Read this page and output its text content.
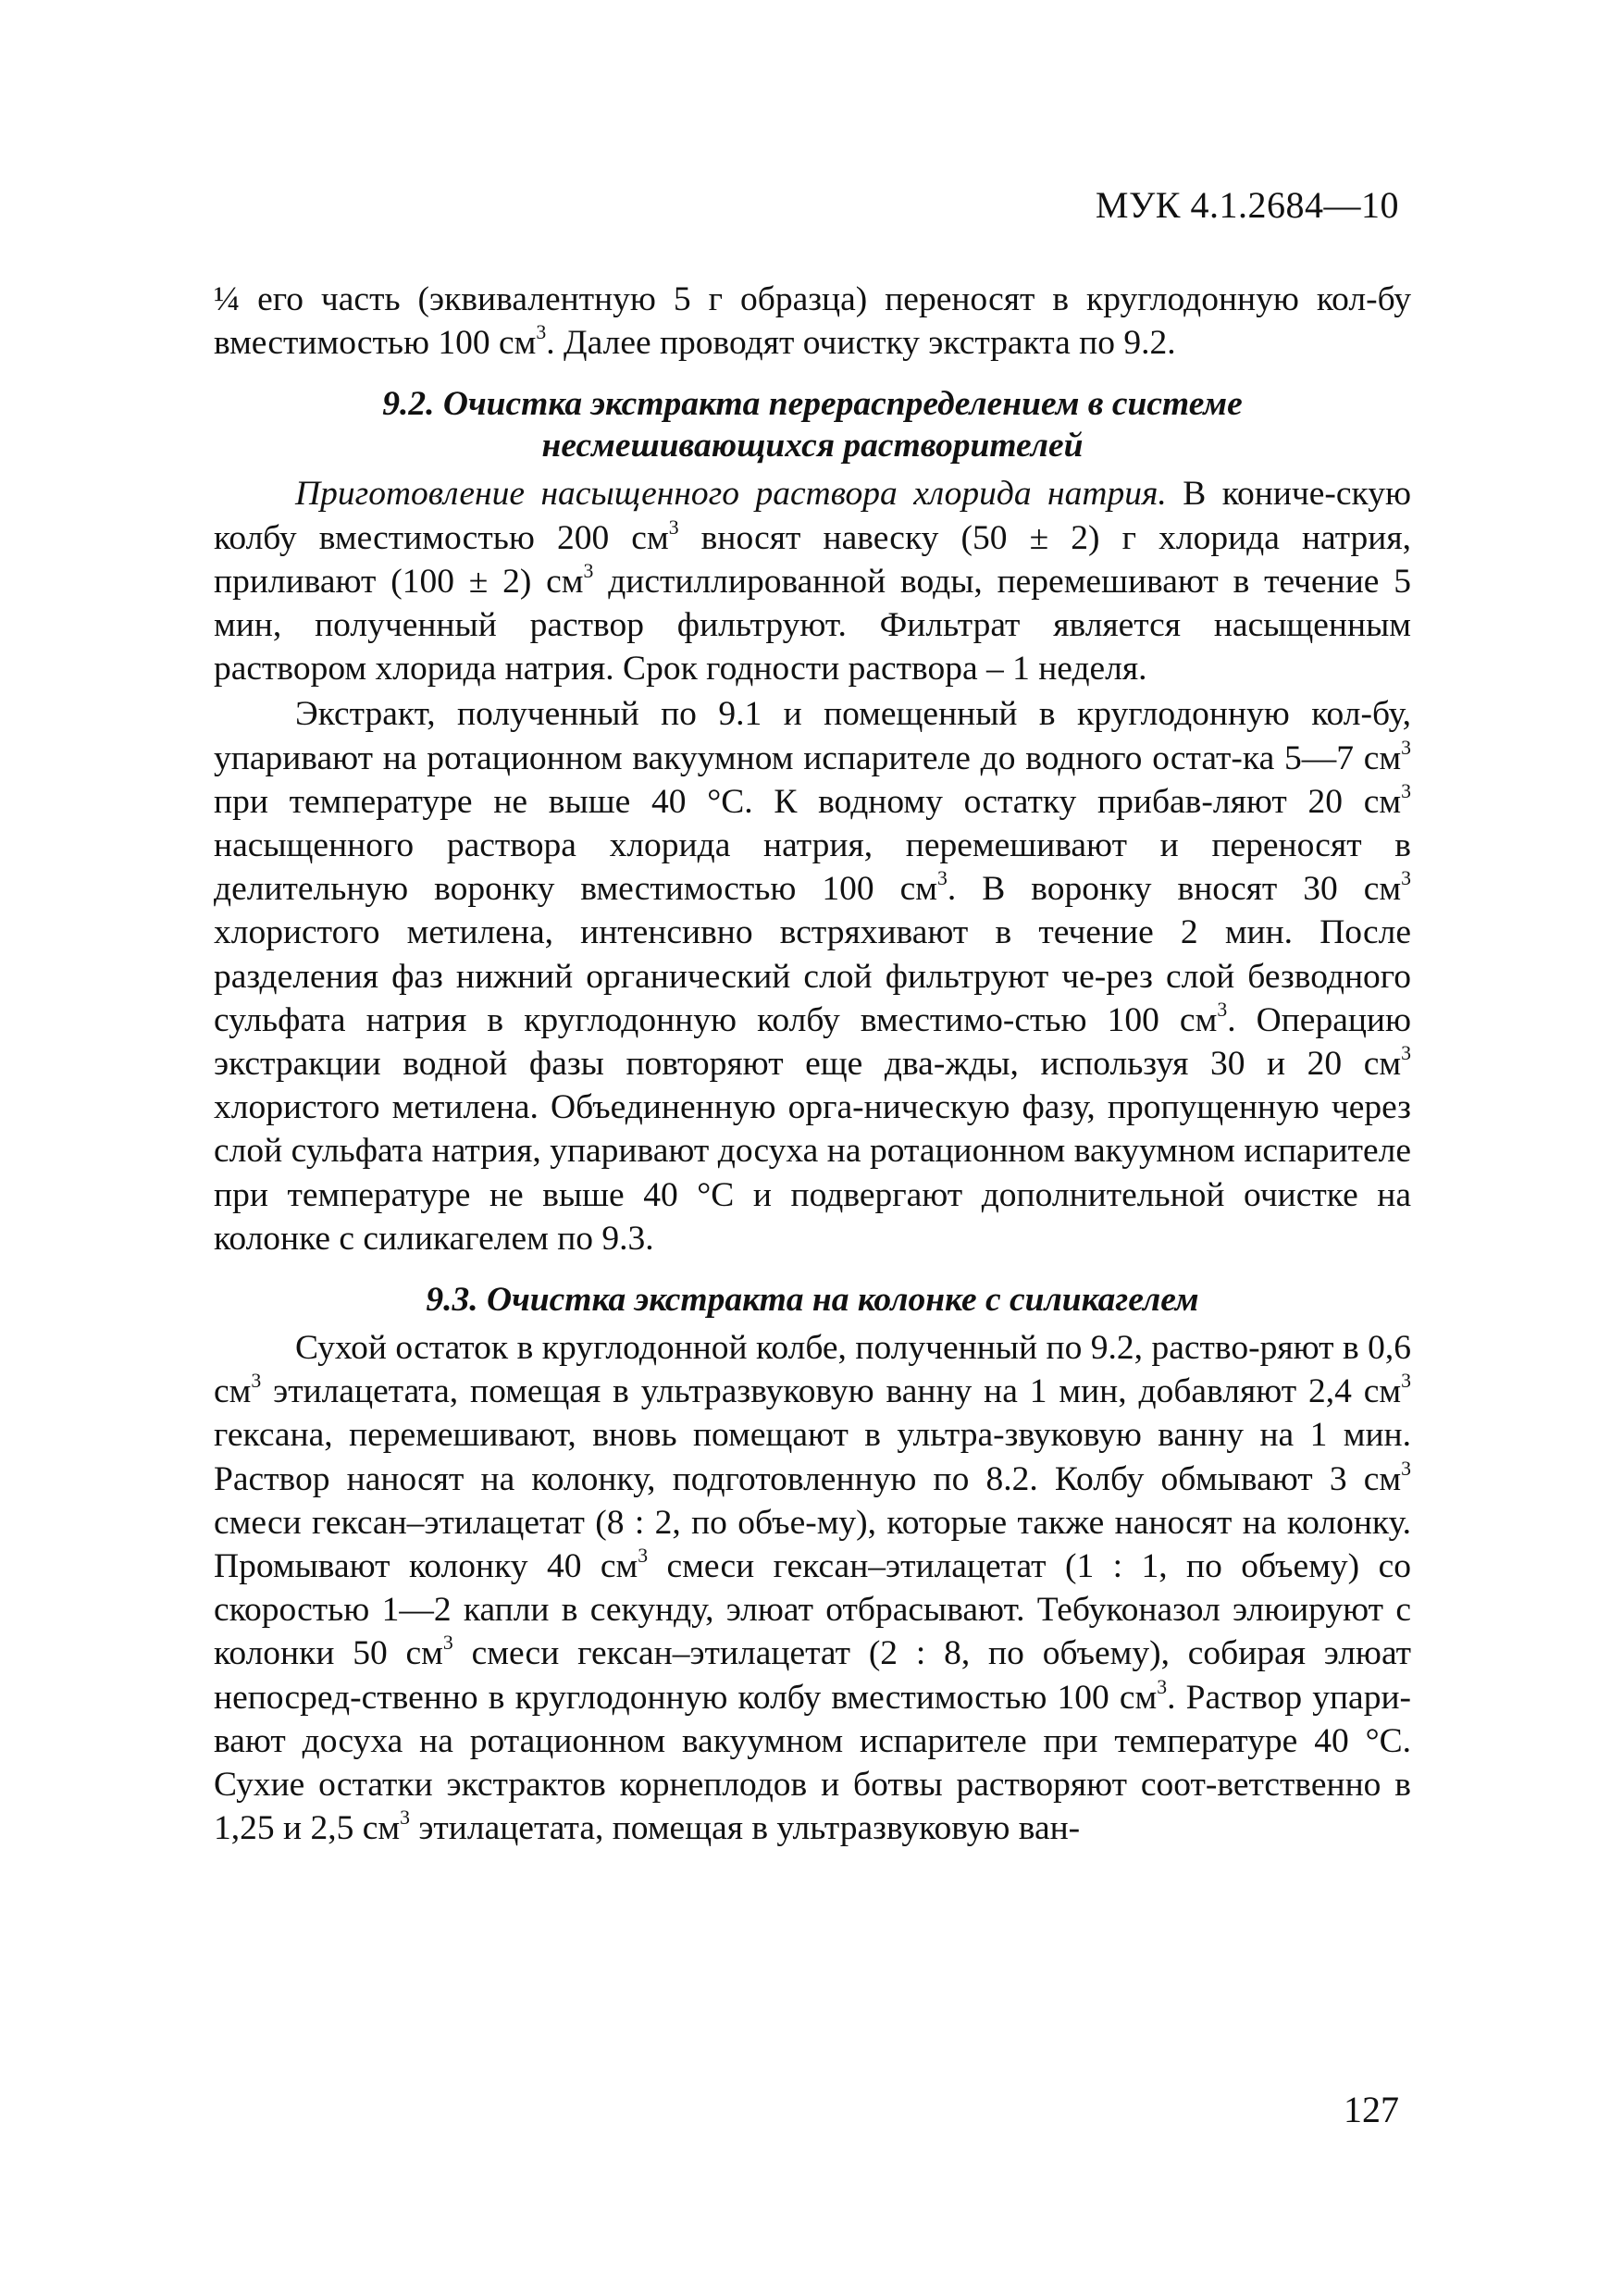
МУК 4.1.2684—10

¼ его часть (эквивалентную 5 г образца) переносят в круглодонную кол-бу вместимостью 100 $см^3$. Далее проводят очистку экстракта по 9.2.

9.2. Очистка экстракта перераспределением в системе
несмешивающихся растворителей

Приготовление насыщенного раствора хлорида натрия. В кониче-скую колбу вместимостью 200 $см^3$ вносят навеску (50 ± 2) г хлорида натрия, приливают (100 ± 2) $см^3$ дистиллированной воды, перемешивают в течение 5 мин, полученный раствор фильтруют. Фильтрат является насыщенным раствором хлорида натрия. Срок годности раствора – 1 неделя.

Экстракт, полученный по 9.1 и помещенный в круглодонную кол-бу, упаривают на ротационном вакуумном испарителе до водного остат-ка 5—7 $см^3$ при температуре не выше 40 °С. К водному остатку прибав-ляют 20 $см^3$ насыщенного раствора хлорида натрия, перемешивают и переносят в делительную воронку вместимостью 100 $см^3$. В воронку вносят 30 $см^3$ хлористого метилена, интенсивно встряхивают в течение 2 мин. После разделения фаз нижний органический слой фильтруют че-рез слой безводного сульфата натрия в круглодонную колбу вместимо-стью 100 $см^3$. Операцию экстракции водной фазы повторяют еще два-жды, используя 30 и 20 $см^3$ хлористого метилена. Объединенную орга-ническую фазу, пропущенную через слой сульфата натрия, упаривают досуха на ротационном вакуумном испарителе при температуре не выше 40 °С и подвергают дополнительной очистке на колонке с силикагелем по 9.3.

9.3. Очистка экстракта на колонке с силикагелем

Сухой остаток в круглодонной колбе, полученный по 9.2, раство-ряют в 0,6 $см^3$ этилацетата, помещая в ультразвуковую ванну на 1 мин, добавляют 2,4 $см^3$ гексана, перемешивают, вновь помещают в ультра-звуковую ванну на 1 мин. Раствор наносят на колонку, подготовленную по 8.2. Колбу обмывают 3 $см^3$ смеси гексан–этилацетат (8 : 2, по объе-му), которые также наносят на колонку. Промывают колонку 40 $см^3$ смеси гексан–этилацетат (1 : 1, по объему) со скоростью 1—2 капли в секунду, элюат отбрасывают. Тебуконазол элюируют с колонки 50 $см^3$ смеси гексан–этилацетат (2 : 8, по объему), собирая элюат непосред-ственно в круглодонную колбу вместимостью 100 $см^3$. Раствор упари-вают досуха на ротационном вакуумном испарителе при температуре 40 °С. Сухие остатки экстрактов корнеплодов и ботвы растворяют соот-ветственно в 1,25 и 2,5 $см^3$ этилацетата, помещая в ультразвуковую ван-

127
